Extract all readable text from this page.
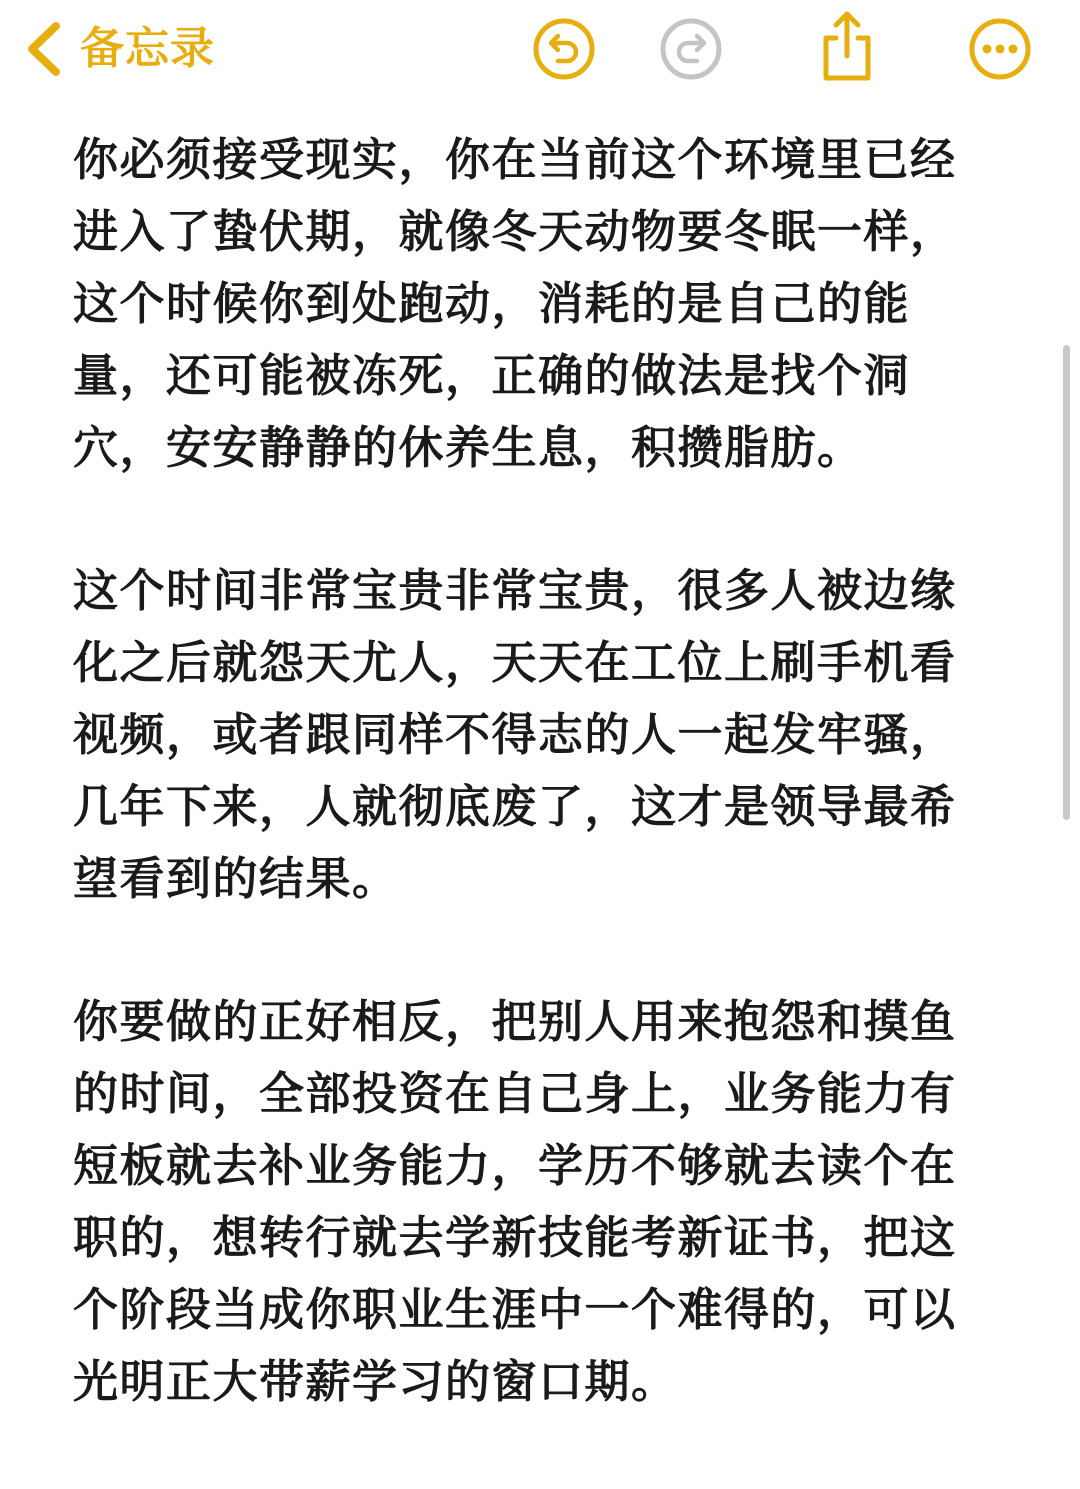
备忘录

你必须接受现实，你在当前这个环境里已经进入了蛰伏期，就像冬天动物要冬眠一样，这个时候你到处跑动，消耗的是自己的能量，还可能被冻死，正确的做法是找个洞穴，安安静静的休养生息，积攒脂肪。

这个时间非常宝贵非常宝贵，很多人被边缘化之后就怨天尤人，天天在工位上刷手机看视频，或者跟同样不得志的人一起发牢骚，几年下来，人就彻底废了，这才是领导最希望看到的结果。

你要做的正好相反，把别人用来抱怨和摸鱼的时间，全部投资在自己身上，业务能力有短板就去补业务能力，学历不够就去读个在职的，想转行就去学新技能考新证书，把这个阶段当成你职业生涯中一个难得的，可以光明正大带薪学习的窗口期。
